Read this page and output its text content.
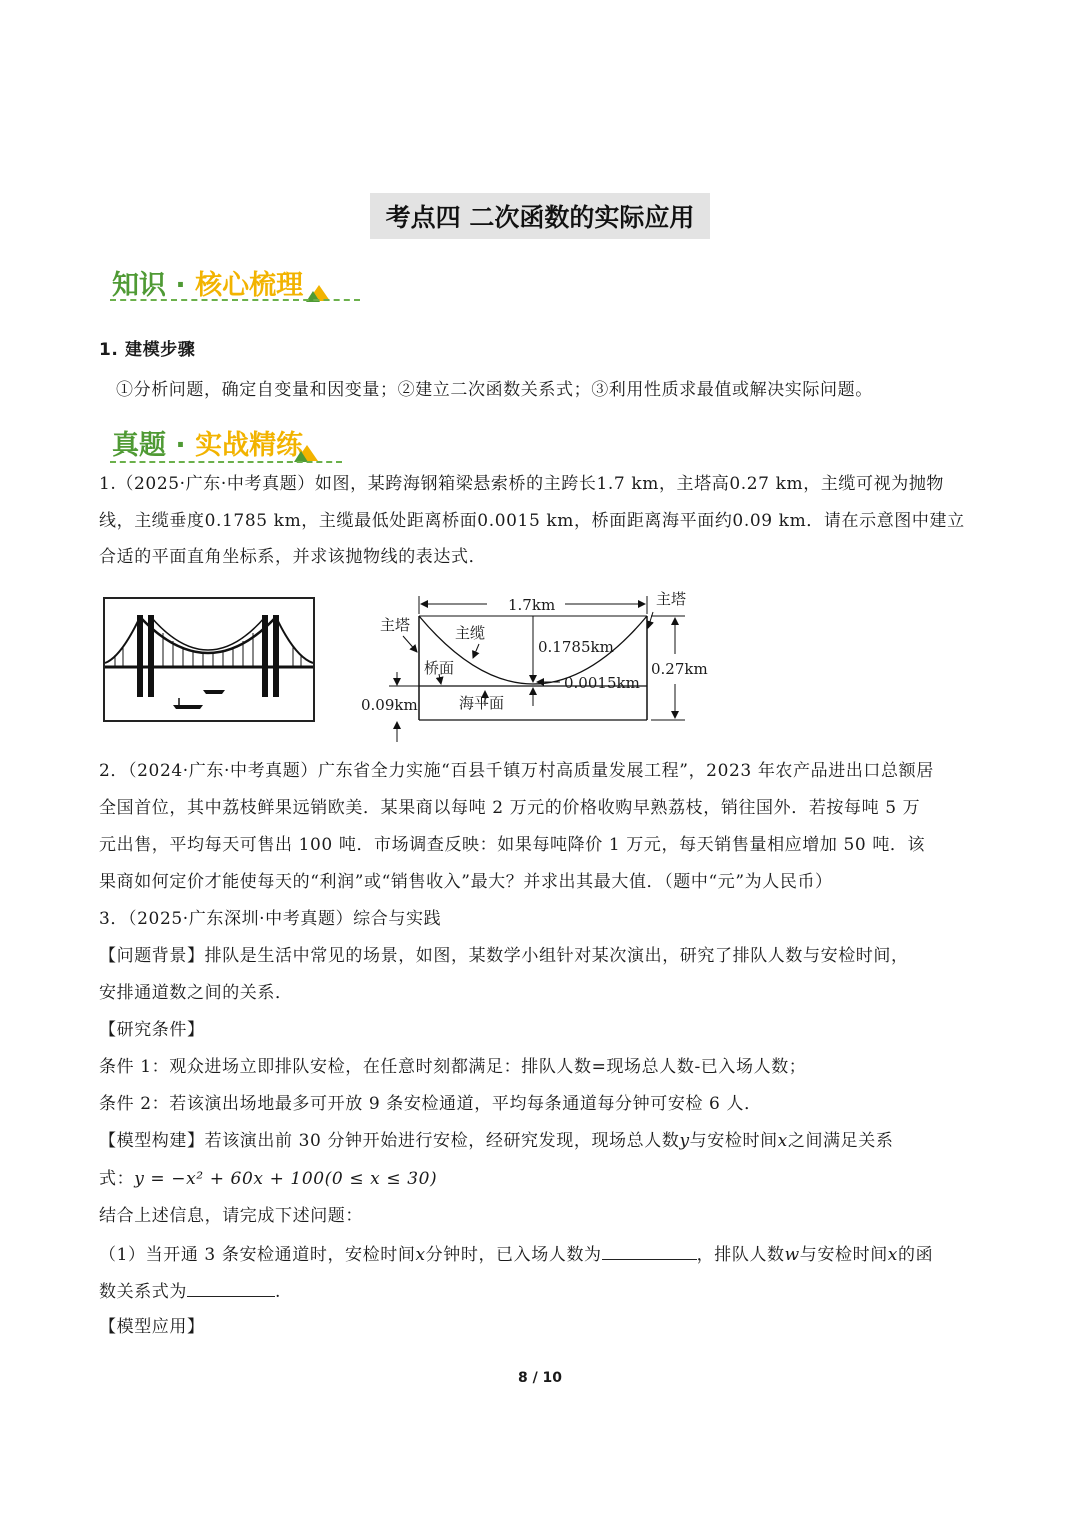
考点四 二次函数的实际应用
知识 · 核心梳理
1. 建模步骤
①分析问题，确定自变量和因变量；②建立二次函数关系式；③利用性质求最值或解决实际问题。
真题 · 实战精练
1.（2025·广东·中考真题）如图，某跨海钢箱梁悬索桥的主跨长1.7 km，主塔高0.27 km，主缆可视为抛物
线，主缆垂度0.1785 km，主缆最低处距离桥面0.0015 km，桥面距离海平面约0.09 km．请在示意图中建立
合适的平面直角坐标系，并求该抛物线的表达式．
1.7km
主塔
主塔
主缆
0.1785km
0.27km
桥面
0.0015km
海平面
0.09km
2．（2024·广东·中考真题）广东省全力实施“百县千镇万村高质量发展工程”，2023 年农产品进出口总额居
全国首位，其中荔枝鲜果远销欧美．某果商以每吨 2 万元的价格收购早熟荔枝，销往国外．若按每吨 5 万
元出售，平均每天可售出 100 吨．市场调查反映：如果每吨降价 1 万元，每天销售量相应增加 50 吨．该
果商如何定价才能使每天的“利润”或“销售收入”最大？并求出其最大值．（题中“元”为人民币）
3．（2025·广东深圳·中考真题）综合与实践
【问题背景】排队是生活中常见的场景，如图，某数学小组针对某次演出，研究了排队人数与安检时间，
安排通道数之间的关系．
【研究条件】
条件 1：观众进场立即排队安检，在任意时刻都满足：排队人数=现场总人数-已入场人数；
条件 2：若该演出场地最多可开放 9 条安检通道，平均每条通道每分钟可安检 6 人．
【模型构建】若该演出前 30 分钟开始进行安检，经研究发现，现场总人数y与安检时间x之间满足关系
式：y = −x² + 60x + 100(0 ≤ x ≤ 30)
结合上述信息，请完成下述问题：
（1）当开通 3 条安检通道时，安检时间x分钟时，已入场人数为	，排队人数w与安检时间x的函
数关系式为	.
【模型应用】
8 / 10
